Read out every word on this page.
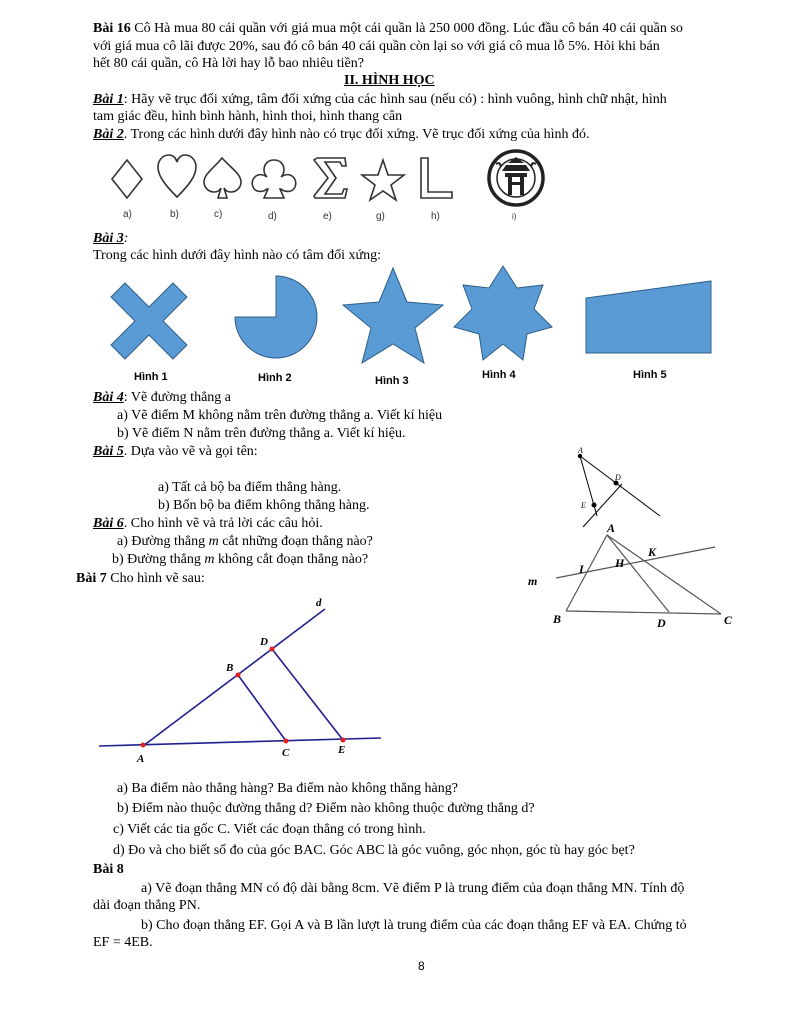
Bài 16 Cô Hà mua 80 cái quần với giá mua một cái quần là 250 000 đồng. Lúc đầu cô bán 40 cái quần so
với giá mua cô lãi được 20%, sau đó cô bán 40 cái quần còn lại so với giá cô mua lỗ 5%. Hỏi khi bán
hết 80 cái quần, cô Hà lời hay lỗ bao nhiêu tiền?
II. HÌNH HỌC
Bài 1: Hãy vẽ trục đối xứng, tâm đối xứng của các hình sau (nếu có) : hình vuông, hình chữ nhật, hình
tam giác đều, hình bình hành, hình thoi, hình thang cân
Bài 2. Trong các hình dưới đây hình nào có trục đối xứng. Vẽ trục đối xứng của hình đó.
a)	b)	c)	d)	e)	g)	h)	i)
Bài 3:
Trong các hình dưới đây hình nào có tâm đối xứng:
Hình 1	Hình 2	Hình 3	Hình 4	Hình 5
Bài 4: Vẽ đường thẳng a
a) Vẽ điểm M không nằm trên đường thẳng a. Viết kí hiệu
b) Vẽ điểm N nằm trên đường thẳng a. Viết kí hiệu.
Bài 5. Dựa vào vẽ và gọi tên:
a) Tất cả bộ ba điểm thẳng hàng.
b) Bốn bộ ba điểm không thẳng hàng.
A
D
E
A
B	C
D
H
I
K
m
Bài 6. Cho hình vẽ và trả lời các câu hỏi.
a) Đường thẳng m cắt những đoạn thẳng nào?
b) Đường thẳng m không cắt đoạn thẳng nào?
Bài 7 Cho hình vẽ sau:
d
D
B
A	C	E
a) Ba điểm nào thẳng hàng? Ba điểm nào không thẳng hàng?
b) Điểm nào thuộc đường thẳng d? Điểm nào không thuộc đường thẳng d?
c) Viết các tia gốc C. Viết các đoạn thẳng có trong hình.
d) Đo và cho biết số đo của góc BAC. Góc ABC là góc vuông, góc nhọn, góc tù hay góc bẹt?
Bài 8
a) Vẽ đoạn thẳng MN có độ dài bằng 8cm. Vẽ điểm P là trung điểm của đoạn thẳng MN. Tính độ
dài đoạn thẳng PN.
b) Cho đoạn thẳng EF. Gọi A và B lần lượt là trung điểm của các đoạn thẳng EF và EA. Chứng tỏ
EF = 4EB.
8
